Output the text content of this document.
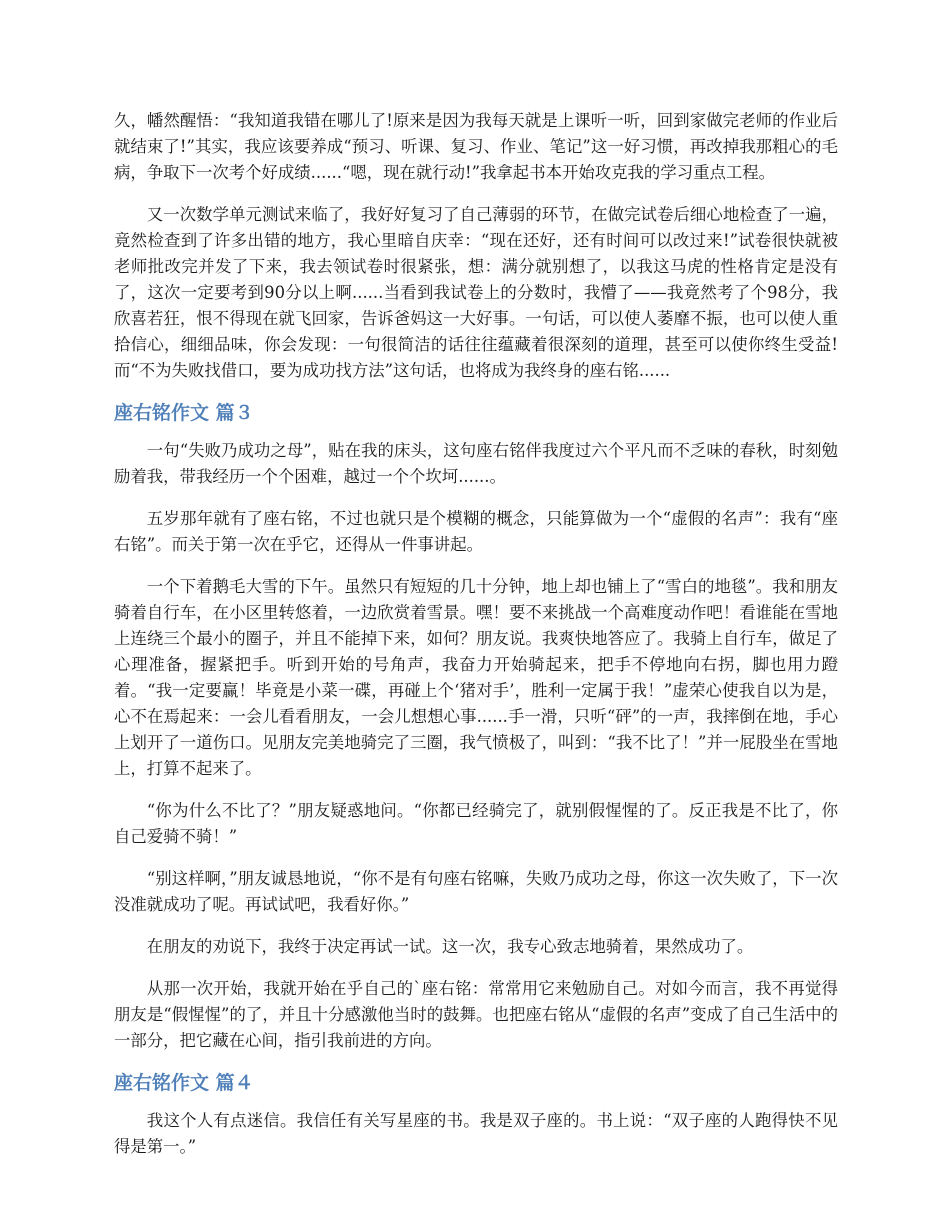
久，幡然醒悟：“我知道我错在哪儿了!原来是因为我每天就是上课听一听，回到家做完老师的作业后就结束了!”其实，我应该要养成“预习、听课、复习、作业、笔记”这一好习惯，再改掉我那粗心的毛病，争取下一次考个好成绩......“嗯，现在就行动!”我拿起书本开始攻克我的学习重点工程。

又一次数学单元测试来临了，我好好复习了自己薄弱的环节，在做完试卷后细心地检查了一遍，竟然检查到了许多出错的地方，我心里暗自庆幸：“现在还好，还有时间可以改过来!”试卷很快就被老师批改完并发了下来，我去领试卷时很紧张，想：满分就别想了，以我这马虎的性格肯定是没有了，这次一定要考到90分以上啊......当看到我试卷上的分数时，我懵了——我竟然考了个98分，我欣喜若狂，恨不得现在就飞回家，告诉爸妈这一大好事。一句话，可以使人萎靡不振，也可以使人重拾信心，细细品味，你会发现：一句很简洁的话往往蕴藏着很深刻的道理，甚至可以使你终生受益!而“不为失败找借口，要为成功找方法”这句话，也将成为我终身的座右铭......

座右铭作文 篇３

一句“失败乃成功之母”，贴在我的床头，这句座右铭伴我度过六个平凡而不乏味的春秋，时刻勉励着我，带我经历一个个困难，越过一个个坎坷......。

五岁那年就有了座右铭，不过也就只是个模糊的概念，只能算做为一个“虚假的名声”：我有“座右铭”。而关于第一次在乎它，还得从一件事讲起。

一个下着鹅毛大雪的下午。虽然只有短短的几十分钟，地上却也铺上了“雪白的地毯”。我和朋友骑着自行车，在小区里转悠着，一边欣赏着雪景。嘿！要不来挑战一个高难度动作吧！看谁能在雪地上连绕三个最小的圈子，并且不能掉下来，如何？朋友说。我爽快地答应了。我骑上自行车，做足了心理准备，握紧把手。听到开始的号角声，我奋力开始骑起来，把手不停地向右拐，脚也用力蹬着。“我一定要赢！毕竟是小菜一碟，再碰上个‘猪对手’，胜利一定属于我！”虚荣心使我自以为是，心不在焉起来：一会儿看看朋友，一会儿想想心事......手一滑，只听“砰”的一声，我摔倒在地，手心上划开了一道伤口。见朋友完美地骑完了三圈，我气愤极了，叫到：“我不比了！”并一屁股坐在雪地上，打算不起来了。

“你为什么不比了？”朋友疑惑地问。“你都已经骑完了，就别假惺惺的了。反正我是不比了，你自己爱骑不骑！”

“别这样啊，”朋友诚恳地说，“你不是有句座右铭嘛，失败乃成功之母，你这一次失败了，下一次没准就成功了呢。再试试吧，我看好你。”

在朋友的劝说下，我终于决定再试一试。这一次，我专心致志地骑着，果然成功了。

从那一次开始，我就开始在乎自己的`座右铭：常常用它来勉励自己。对如今而言，我不再觉得朋友是“假惺惺”的了，并且十分感激他当时的鼓舞。也把座右铭从“虚假的名声”变成了自己生活中的一部分，把它藏在心间，指引我前进的方向。

座右铭作文 篇４

我这个人有点迷信。我信任有关写星座的书。我是双子座的。书上说：“双子座的人跑得快不见得是第一。”
